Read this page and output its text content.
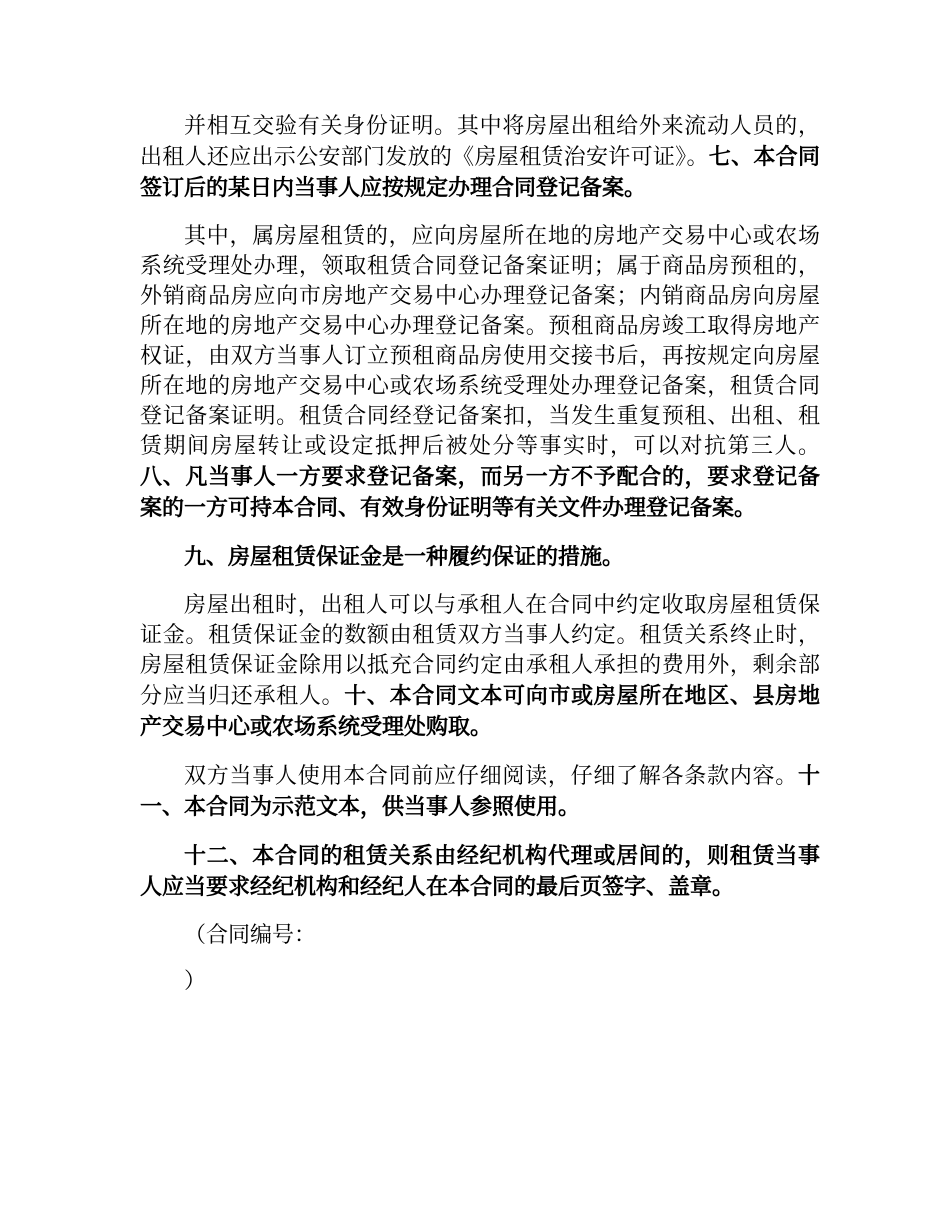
并相互交验有关身份证明。其中将房屋出租给外来流动人员的，出租人还应出示公安部门发放的《房屋租赁治安许可证》。七、本合同签订后的某日内当事人应按规定办理合同登记备案。

其中，属房屋租赁的，应向房屋所在地的房地产交易中心或农场系统受理处办理，领取租赁合同登记备案证明；属于商品房预租的，外销商品房应向市房地产交易中心办理登记备案；内销商品房向房屋所在地的房地产交易中心办理登记备案。预租商品房竣工取得房地产权证，由双方当事人订立预租商品房使用交接书后，再按规定向房屋所在地的房地产交易中心或农场系统受理处办理登记备案，租赁合同登记备案证明。租赁合同经登记备案扣，当发生重复预租、出租、租赁期间房屋转让或设定抵押后被处分等事实时，可以对抗第三人。八、凡当事人一方要求登记备案，而另一方不予配合的，要求登记备案的一方可持本合同、有效身份证明等有关文件办理登记备案。

九、房屋租赁保证金是一种履约保证的措施。

房屋出租时，出租人可以与承租人在合同中约定收取房屋租赁保证金。租赁保证金的数额由租赁双方当事人约定。租赁关系终止时，房屋租赁保证金除用以抵充合同约定由承租人承担的费用外，剩余部分应当归还承租人。十、本合同文本可向市或房屋所在地区、县房地产交易中心或农场系统受理处购取。

双方当事人使用本合同前应仔细阅读，仔细了解各条款内容。十一、本合同为示范文本，供当事人参照使用。

十二、本合同的租赁关系由经纪机构代理或居间的，则租赁当事人应当要求经纪机构和经纪人在本合同的最后页签字、盖章。

（合同编号：

）
